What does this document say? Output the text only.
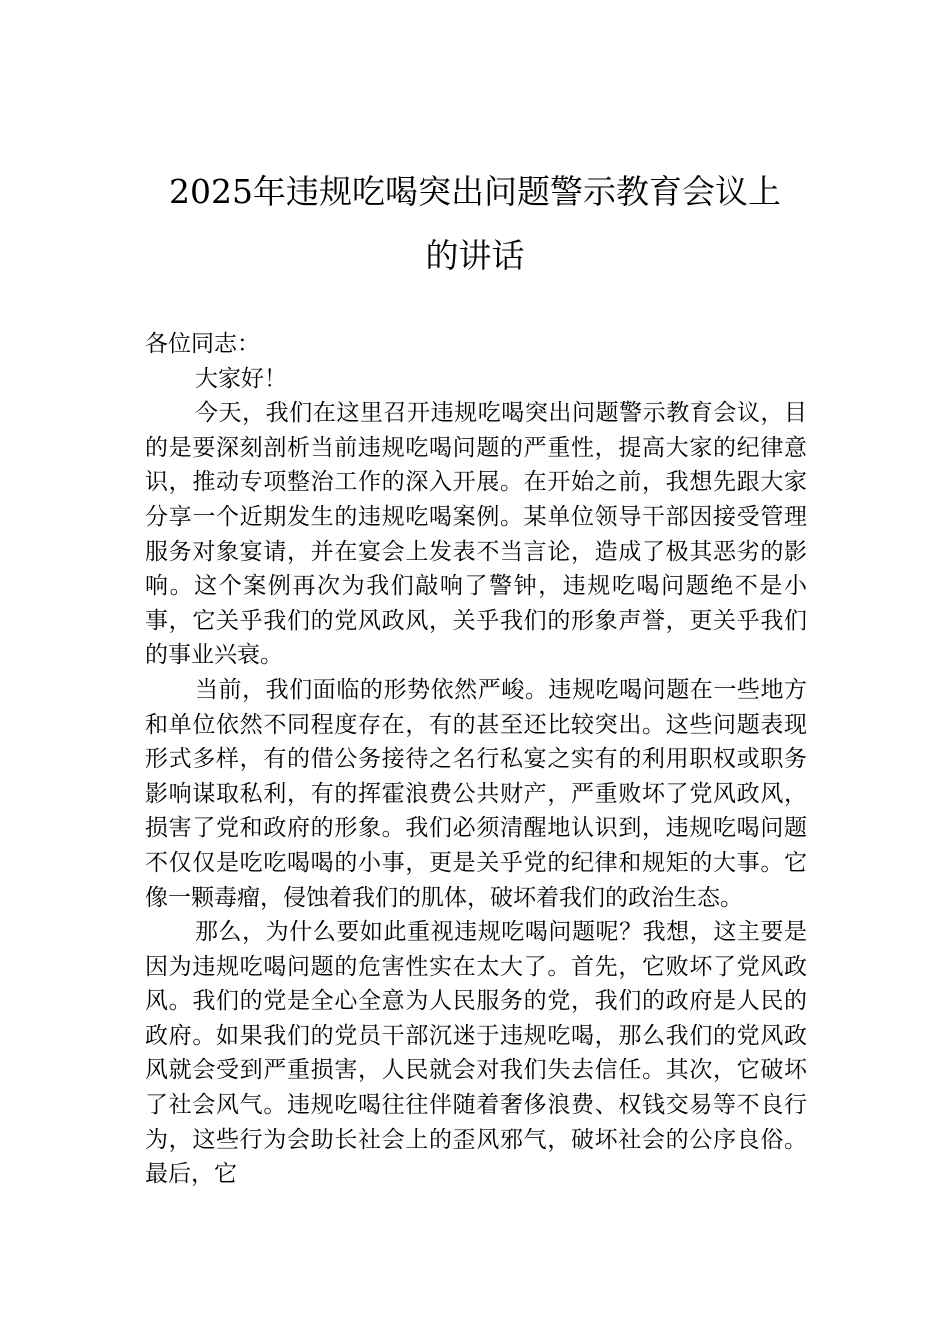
2025年违规吃喝突出问题警示教育会议上
的讲话

各位同志：

大家好！

今天，我们在这里召开违规吃喝突出问题警示教育会议，目的是要深刻剖析当前违规吃喝问题的严重性，提高大家的纪律意识，推动专项整治工作的深入开展。在开始之前，我想先跟大家分享一个近期发生的违规吃喝案例。某单位领导干部因接受管理服务对象宴请，并在宴会上发表不当言论，造成了极其恶劣的影响。这个案例再次为我们敲响了警钟，违规吃喝问题绝不是小事，它关乎我们的党风政风，关乎我们的形象声誉，更关乎我们的事业兴衰。

当前，我们面临的形势依然严峻。违规吃喝问题在一些地方和单位依然不同程度存在，有的甚至还比较突出。这些问题表现形式多样，有的借公务接待之名行私宴之实有的利用职权或职务影响谋取私利，有的挥霍浪费公共财产，严重败坏了党风政风，损害了党和政府的形象。我们必须清醒地认识到，违规吃喝问题不仅仅是吃吃喝喝的小事，更是关乎党的纪律和规矩的大事。它像一颗毒瘤，侵蚀着我们的肌体，破坏着我们的政治生态。

那么，为什么要如此重视违规吃喝问题呢？我想，这主要是因为违规吃喝问题的危害性实在太大了。首先，它败坏了党风政风。我们的党是全心全意为人民服务的党，我们的政府是人民的政府。如果我们的党员干部沉迷于违规吃喝，那么我们的党风政风就会受到严重损害，人民就会对我们失去信任。其次，它破坏了社会风气。违规吃喝往往伴随着奢侈浪费、权钱交易等不良行为，这些行为会助长社会上的歪风邪气，破坏社会的公序良俗。最后，它
